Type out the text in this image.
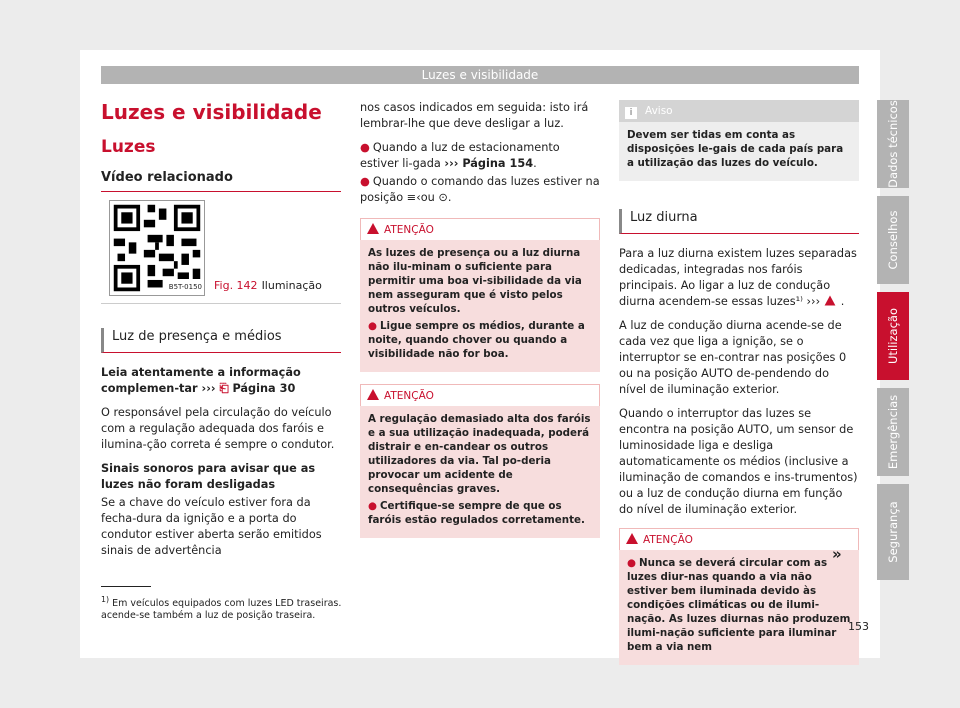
Luzes e visibilidade
Luzes e visibilidade
Luzes
Vídeo relacionado
B5T-0150 Fig. 142 Iluminação
Luz de presença e médios

Leia atentamente a informação complemen-tar ››› ⎗ Página 30

O responsável pela circulação do veículo com a regulação adequada dos faróis e ilumina-ção correta é sempre o condutor.

Sinais sonoros para avisar que as luzes não foram desligadas

Se a chave do veículo estiver fora da fecha-dura da ignição e a porta do condutor estiver aberta serão emitidos sinais de advertência

nos casos indicados em seguida: isto irá lembrar-lhe que deve desligar a luz.

● Quando a luz de estacionamento estiver li-gada ››› Página 154.

● Quando o comando das luzes estiver na posição ≡‹ou ⊙.

ATENÇÃO

As luzes de presença ou a luz diurna não ilu-minam o suficiente para permitir uma boa vi-sibilidade da via nem asseguram que é visto pelos outros veículos.

● Ligue sempre os médios, durante a noite, quando chover ou quando a visibilidade não for boa.

ATENÇÃO

A regulação demasiado alta dos faróis e a sua utilização inadequada, poderá distrair e en-candear os outros utilizadores da via. Tal po-deria provocar um acidente de consequências graves.

● Certifique-se sempre de que os faróis estão regulados corretamente.

i Aviso

Devem ser tidas em conta as disposições le-gais de cada país para a utilização das luzes do veículo.

Luz diurna

Para a luz diurna existem luzes separadas dedicadas, integradas nos faróis principais. Ao ligar a luz de condução diurna acendem-se essas luzes¹⁾ ››› .

A luz de condução diurna acende-se de cada vez que liga a ignição, se o interruptor se en-contrar nas posições 0 ou na posição AUTO de-pendendo do nível de iluminação exterior.

Quando o interruptor das luzes se encontra na posição AUTO, um sensor de luminosidade liga e desliga automaticamente os médios (inclusive a iluminação de comandos e ins-trumentos) ou a luz de condução diurna em função do nível de iluminação exterior.

ATENÇÃO

● Nunca se deverá circular com as luzes diur-nas quando a via não estiver bem iluminada devido às condições climáticas ou de ilumi-nação. As luzes diurnas não produzem ilumi-nação suficiente para iluminar bem a via nem

»
Dados técnicos
Conselhos
Utilização
Emergências
Segurança
$^{1)}$ Em veículos equipados com luzes LED traseiras. acende-se também a luz de posição traseira.
153
